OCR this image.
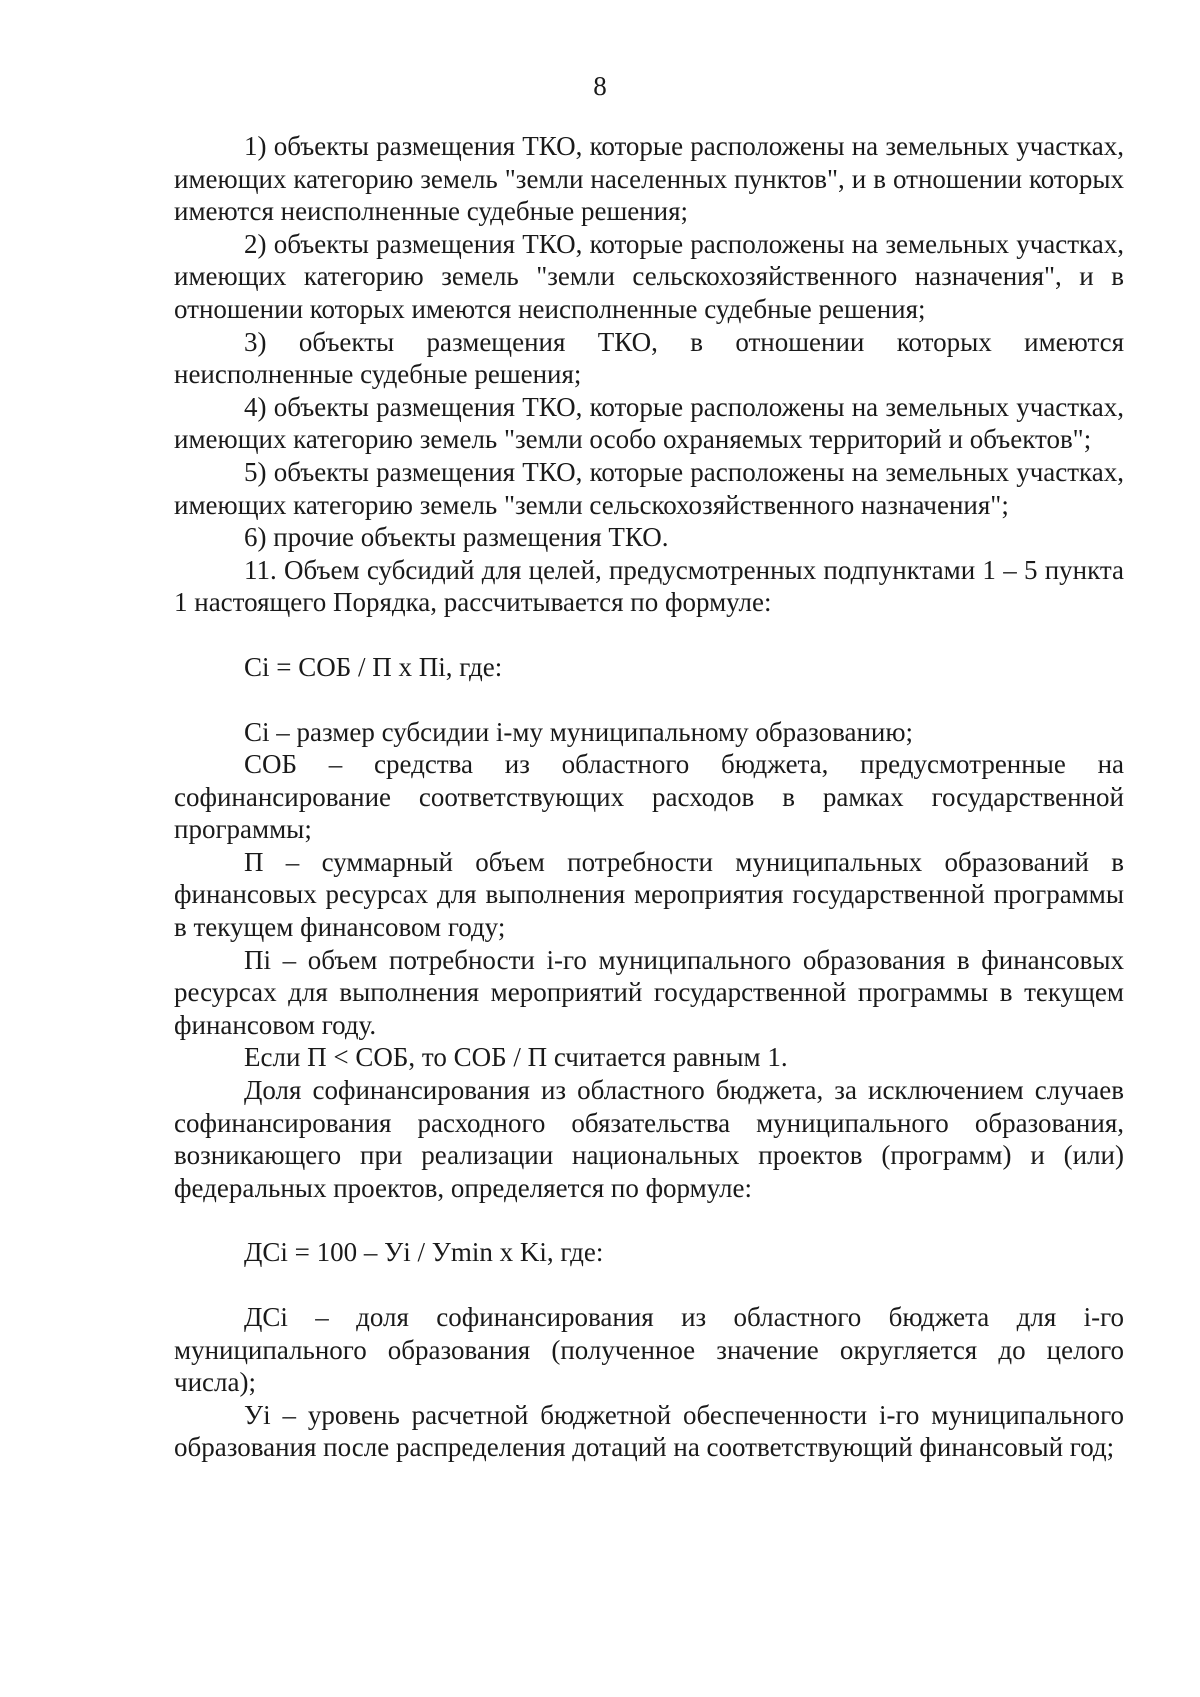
8

1) объекты размещения ТКО, которые расположены на земельных участках, имеющих категорию земель "земли населенных пунктов", и в отношении которых имеются неисполненные судебные решения;

2) объекты размещения ТКО, которые расположены на земельных участках, имеющих категорию земель "земли сельскохозяйственного назначения", и в отношении которых имеются неисполненные судебные решения;

3) объекты размещения ТКО, в отношении которых имеются неисполненные судебные решения;

4) объекты размещения ТКО, которые расположены на земельных участках, имеющих категорию земель "земли особо охраняемых территорий и объектов";

5) объекты размещения ТКО, которые расположены на земельных участках, имеющих категорию земель "земли сельскохозяйственного назначения";

6) прочие объекты размещения ТКО.

11. Объем субсидий для целей, предусмотренных подпунктами 1 – 5 пункта 1 настоящего Порядка, рассчитывается по формуле:

Ci = СОБ / П х Пi, где:

Ci – размер субсидии i-му муниципальному образованию;

СОБ – средства из областного бюджета, предусмотренные на софинансирование соответствующих расходов в рамках государственной программы;

П – суммарный объем потребности муниципальных образований в финансовых ресурсах для выполнения мероприятия государственной программы в текущем финансовом году;

Пi – объем потребности i-го муниципального образования в финансовых ресурсах для выполнения мероприятий государственной программы в текущем финансовом году.

Если П < СОБ, то СОБ / П считается равным 1.

Доля софинансирования из областного бюджета, за исключением случаев софинансирования расходного обязательства муниципального образования, возникающего при реализации национальных проектов (программ) и (или) федеральных проектов, определяется по формуле:

ДCi = 100 – Уi / Уmin х Ki, где:

ДCi – доля софинансирования из областного бюджета для i-го муниципального образования (полученное значение округляется до целого числа);

Уi – уровень расчетной бюджетной обеспеченности i-го муниципального образования после распределения дотаций на соответствующий финансовый год;
